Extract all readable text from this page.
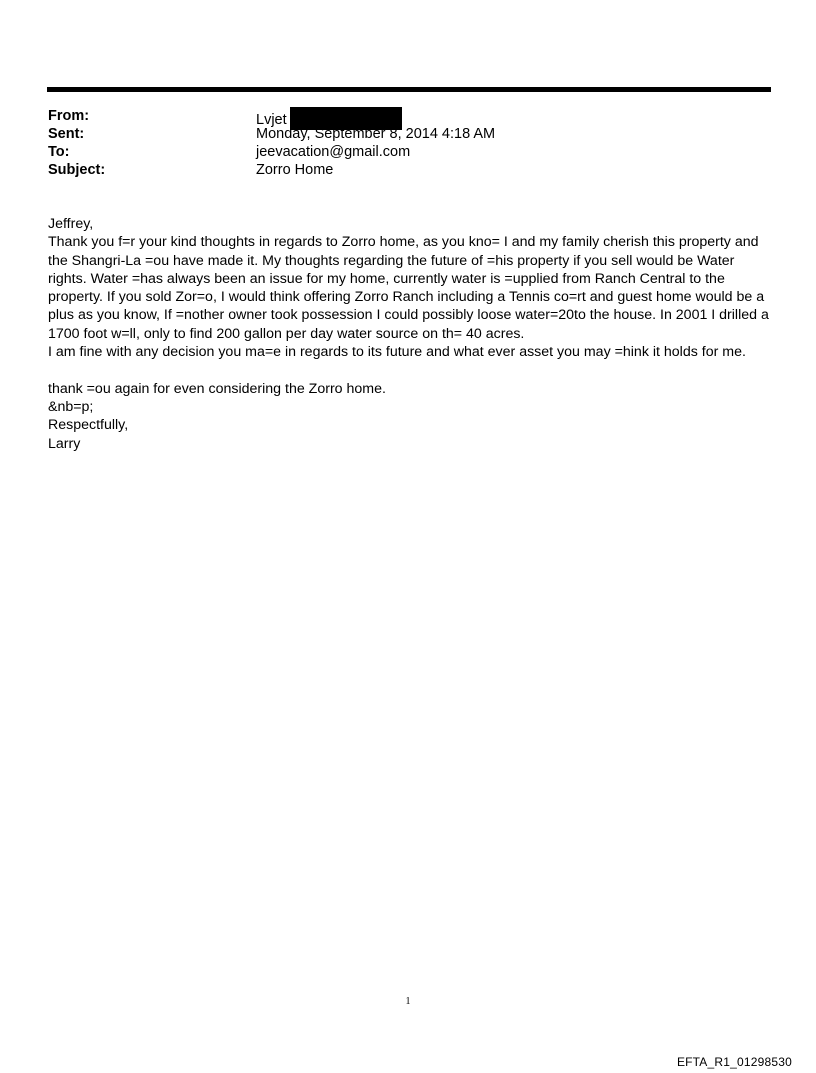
From:	Lvjet
Sent:	Monday, September 8, 2014 4:18 AM
To:	jeevacation@gmail.com
Subject:	Zorro Home

Jeffrey,

Thank you f=r your kind thoughts in regards to Zorro home, as you kno= I and my family cherish this property and the Shangri-La =ou have made it. My thoughts regarding the future of =his property if you sell would be Water rights. Water =has always been an issue for my home, currently water is =upplied from Ranch Central to the property. If you sold Zor=o, I would think offering Zorro Ranch including a Tennis co=rt and guest home would be a plus as you know, If =nother owner took possession I could possibly loose water=20to the house. In 2001 I drilled a 1700 foot w=ll, only to find 200 gallon per day water source on th= 40 acres.

I am fine with any decision you ma=e in regards to its future and what ever asset you may =hink it holds for me.

thank =ou again for even considering the Zorro home.

&nb=p;

Respectfully,

Larry

1
EFTA_R1_01298530
